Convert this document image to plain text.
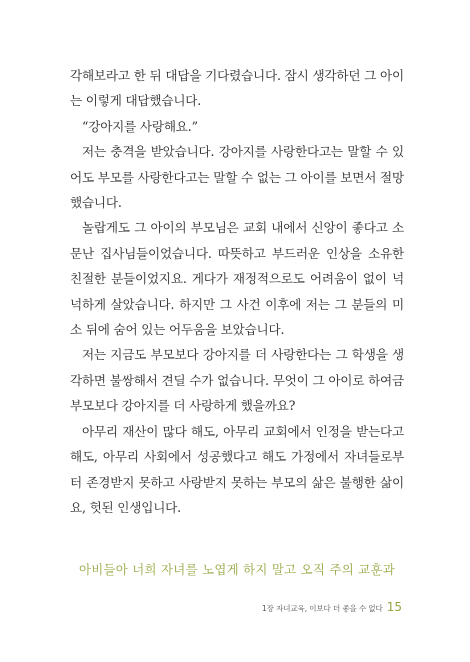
각해보라고 한 뒤 대답을 기다렸습니다. 잠시 생각하던 그 아이는 이렇게 대답했습니다.

“강아지를 사랑해요.”

저는 충격을 받았습니다. 강아지를 사랑한다고는 말할 수 있어도 부모를 사랑한다고는 말할 수 없는 그 아이를 보면서 절망했습니다.

놀랍게도 그 아이의 부모님은 교회 내에서 신앙이 좋다고 소문난 집사님들이었습니다. 따뜻하고 부드러운 인상을 소유한 친절한 분들이었지요. 게다가 재정적으로도 어려움이 없이 넉넉하게 살았습니다. 하지만 그 사건 이후에 저는 그 분들의 미소 뒤에 숨어 있는 어두움을 보았습니다.

저는 지금도 부모보다 강아지를 더 사랑한다는 그 학생을 생각하면 불쌍해서 견딜 수가 없습니다. 무엇이 그 아이로 하여금 부모보다 강아지를 더 사랑하게 했을까요?

아무리 재산이 많다 해도, 아무리 교회에서 인정을 받는다고 해도, 아무리 사회에서 성공했다고 해도 가정에서 자녀들로부터 존경받지 못하고 사랑받지 못하는 부모의 삶은 불행한 삶이요, 헛된 인생입니다.

아비들아 너희 자녀를 노엽게 하지 말고 오직 주의 교훈과
1장 자녀교육, 이보다 더 좋을 수 없다 15
